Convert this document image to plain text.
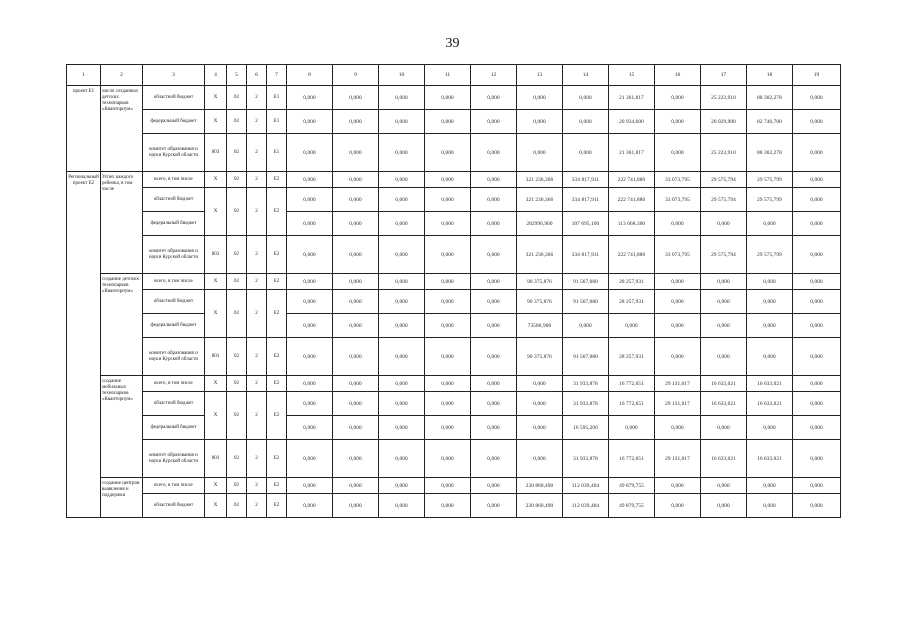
39
1	2	3	4	5	6	7	8	9	10	11	12	13	14	15	16	17	18	19
проект Е1	число созданных детских технопарков «Кванториум»	областной бюджет	Х	02	2	Е1	0,000	0,000	0,000	0,000	0,000	0,000	0,000	21 361,817	0,000	25 223,910	88 302,278	0,000
		федеральный бюджет	Х	02	2	Е1	0,000	0,000	0,000	0,000	0,000	0,000	0,000	20 934,600	0,000	20 029,900	82 746,700	0,000
		комитет образования и науки Курской области	803	02	2	Е1	0,000	0,000	0,000	0,000	0,000	0,000	0,000	21 361,817	0,000	25 223,910	88 302,278	0,000
Региональный проект Е2	Успех каждого ребенка, в том числе	всего, в том числе	Х	02	2	Е2	0,000	0,000	0,000	0,000	0,000	321 236,366	334 817,911	222 741,880	33 073,795	29 575,794	29 575,799	0,000
		областной бюджет	Х	02	2	Е2	0,000	0,000	0,000	0,000	0,000	321 236,366	334 817,911	222 741,880	33 073,795	29 575,794	29 575,799	0,000
		федеральный бюджет					0,000	0,000	0,000	0,000	0,000	282996,900	107 695,100	113 668,300	0,000	0,000	0,000	0,000
		комитет образования и науки Курской области	803	02	2	Е2	0,000	0,000	0,000	0,000	0,000	321 236,366	334 817,911	222 741,880	33 073,795	29 575,794	29 575,799	0,000
	создание детских технопарков «Кванториум»	всего, в том числе	Х	02	2	Е2	0,000	0,000	0,000	0,000	0,000	90 375,876	91 567,080	28 257,931	0,000	0,000	0,000	0,000
		областной бюджет	Х	02	2	Е2	0,000	0,000	0,000	0,000	0,000	90 375,876	91 567,080	28 257,931	0,000	0,000	0,000	0,000
		федеральный бюджет					0,000	0,000	0,000	0,000	0,000	73586,900	0,000	0,000	0,000	0,000	0,000	0,000
		комитет образования и науки Курской области	803	02	2	Е2	0,000	0,000	0,000	0,000	0,000	90 375,876	91 567,080	28 257,931	0,000	0,000	0,000	0,000
	создание мобильных технопарков «Кванториум»	всего, в том числе	Х	02	2	Е2	0,000	0,000	0,000	0,000	0,000	0,000	31 933,878	16 772,651	29 131,017	16 633,021	16 633,021	0,000
		областной бюджет	Х	02	2	Е2	0,000	0,000	0,000	0,000	0,000	0,000	31 933,878	16 772,651	29 131,017	16 633,021	16 633,021	0,000
		федеральный бюджет					0,000	0,000	0,000	0,000	0,000	0,000	16 595,200	0,000	0,000	0,000	0,000	0,000
		комитет образования и науки Курской области	803	02	2	Е2	0,000	0,000	0,000	0,000	0,000	0,000	31 933,878	16 772,651	29 131,017	16 633,021	16 633,021	0,000
	создание центров выявления и поддержки	всего, в том числе	Х	02	2	Е2	0,000	0,000	0,000	0,000	0,000	230 860,490	112 039,404	49 879,755	0,000	0,000	0,000	0,000
		областной бюджет	Х	02	2	Е2	0,000	0,000	0,000	0,000	0,000	230 860,490	112 039,404	49 879,755	0,000	0,000	0,000	0,000
